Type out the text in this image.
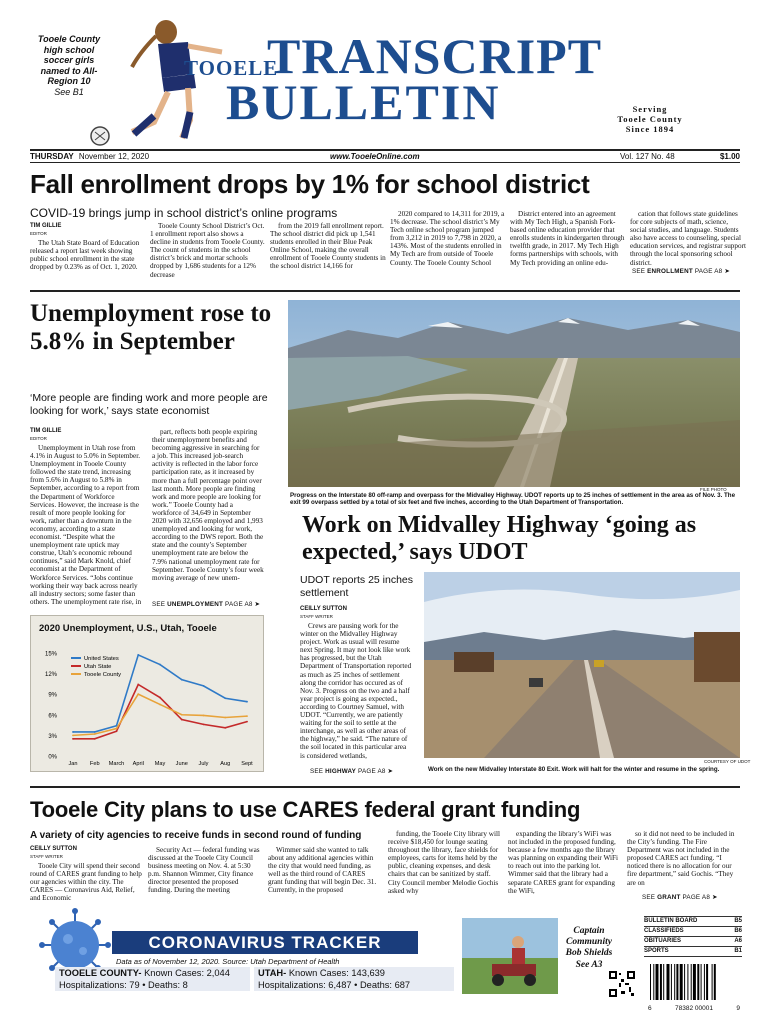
Tooele County high school soccer girls named to All-Region 10
See B1
TOOELE
TRANSCRIPT
BULLETIN	Serving
Tooele County
Since 1894
THURSDAY November 12, 2020	www.TooeleOnline.com	Vol. 127 No. 48	$1.00
Fall enrollment drops by 1% for school district
COVID-19 brings jump in school district’s online programs
TIM GILLIE
EDITOR

The Utah State Board of Education released a report last week showing public school enrollment in the state dropped by 0.23% as of Oct. 1, 2020.

Tooele County School District’s Oct. 1 enrollment report also shows a decline in students from Tooele County. The count of students in the school district’s brick and mortar schools dropped by 1,686 students for a 12% decrease

from the 2019 fall enrollment report. The school district did pick up 1,541 students enrolled in their Blue Peak Online School, making the overall enrollment of Tooele County students in the school district 14,166 for

2020 compared to 14,311 for 2019, a 1% decrease. The school district’s My Tech online school program jumped from 3,212 in 2019 to 7,798 in 2020, a 143%. Most of the students enrolled in My Tech are from outside of Tooele County. The Tooele County School

District entered into an agreement with My Tech High, a Spanish Fork-based online education provider that enrolls students in kindergarten through twelfth grade, in 2017. My Tech High forms partnerships with schools, with My Tech providing an online edu-

cation that follows state guidelines for core subjects of math, science, social studies, and language. Students also have access to counseling, special education services, and registrar support through the local sponsoring school district.

SEE ENROLLMENT PAGE A8 ➤
Unemployment rose to 5.8% in September
‘More people are finding work and more people are looking for work,’ says state economist
TIM GILLIE
EDITOR

Unemployment in Utah rose from 4.1% in August to 5.0% in September. Unemployment in Tooele County followed the state trend, increasing from 5.6% in August to 5.8% in September, according to a report from the Department of Workforce Services. However, the increase is the result of more people looking for work, rather than a downturn in the economy, according to a state economist. “Despite what the unemployment rate uptick may construe, Utah’s economic rebound continues,” said Mark Knold, chief economist at the Department of Workforce Services. “Jobs continue working their way back across nearly all industry sectors; some faster than others. The unemployment rate rise, in

part, reflects both people expiring their unemployment benefits and becoming aggressive in searching for a job. This increased job-search activity is reflected in the labor force participation rate, as it increased by more than a full percentage point over last month. More people are finding work and more people are looking for work.” Tooele County had a workforce of 34,649 in September 2020 with 32,656 employed and 1,993 unemployed and looking for work, according to the DWS report. Both the state and the county’s September unemployment rate are below the 7.9% national unemployment rate for September. Tooele County’s four week moving average of new unem-

SEE UNEMPLOYMENT PAGE A8 ➤
2020 Unemployment, U.S., Utah, Tooele
0%
3%
6%
9%
12%
15%
Jan Feb March April May June July Aug Sept
United States
Utah State
Tooele County
FILE PHOTO
Progress on the Interstate 80 off-ramp and overpass for the Midvalley Highway. UDOT reports up to 25 inches of settlement in the area as of Nov. 3. The exit 99 overpass settled by a total of six feet and five inches, according to the Utah Department of Transportation.
Work on Midvalley Highway ‘going as expected,’ says UDOT
UDOT reports 25 inches settlement
CEILLY SUTTON
STAFF WRITER

Crews are pausing work for the winter on the Midvalley Highway project. Work as usual will resume next Spring. It may not look like work has progressed, but the Utah Department of Transportation reported as much as 25 inches of settlement along the corridor has occured as of Nov. 3. Progress on the two and a half year project is going as expected., according to Courtney Samuel, with UDOT. “Currently, we are patiently waiting for the soil to settle at the interchange, as well as other areas of the highway,” he said. “The nature of the soil located in this particular area is considered wetlands,

SEE HIGHWAY PAGE A8 ➤
COURTESY OF UDOT
Work on the new Midvalley Interstate 80 Exit. Work will halt for the winter and resume in the spring.
Tooele City plans to use CARES federal grant funding
A variety of city agencies to receive funds in second round of funding
CEILLY SUTTON
STAFF WRITER

Tooele City will spend their second round of CARES grant funding to help our agencies within the city. The CARES — Coronavirus Aid, Relief, and Economic

Security Act — federal funding was discussed at the Tooele City Council business meeting on Nov. 4. at 5:30 p.m. Shannon Wimmer, City finance director presented the proposed funding. During the meeting

Wimmer said she wanted to talk about any additional agencies within the city that would need funding, as well as the third round of CARES grant funding that will begin Dec. 31. Currently, in the proposed

funding, the Tooele City library will receive $18,450 for lounge seating throughout the library, face shields for employees, carts for items held by the public, cleaning expenses, and desk chairs that can be sanitized by staff. City Council member Melodie Gochis asked why

expanding the library’s WiFi was not included in the proposed funding, because a few months ago the library was planning on expanding their WiFi to reach out into the parking lot. Wimmer said that the library had a separate CARES grant for expanding the WiFi,

so it did not need to be included in the City’s funding. The Fire Department was not included in the proposed CARES act funding. “I noticed there is no allocation for our fire department,” said Gochis. “They are on

SEE GRANT PAGE A8 ➤
CORONAVIRUS TRACKER
Data as of November 12, 2020. Source: Utah Department of Health
TOOELE COUNTY- Known Cases: 2,044
Hospitalizations: 79 • Deaths: 8
UTAH- Known Cases: 143,639
Hospitalizations: 6,487 • Deaths: 687
Captain Community Bob Shields
See A3
BULLETIN BOARD	B5
CLASSIFIEDS	B6
OBITUARIES	A6
SPORTS	B1
6	78382 00001	9
